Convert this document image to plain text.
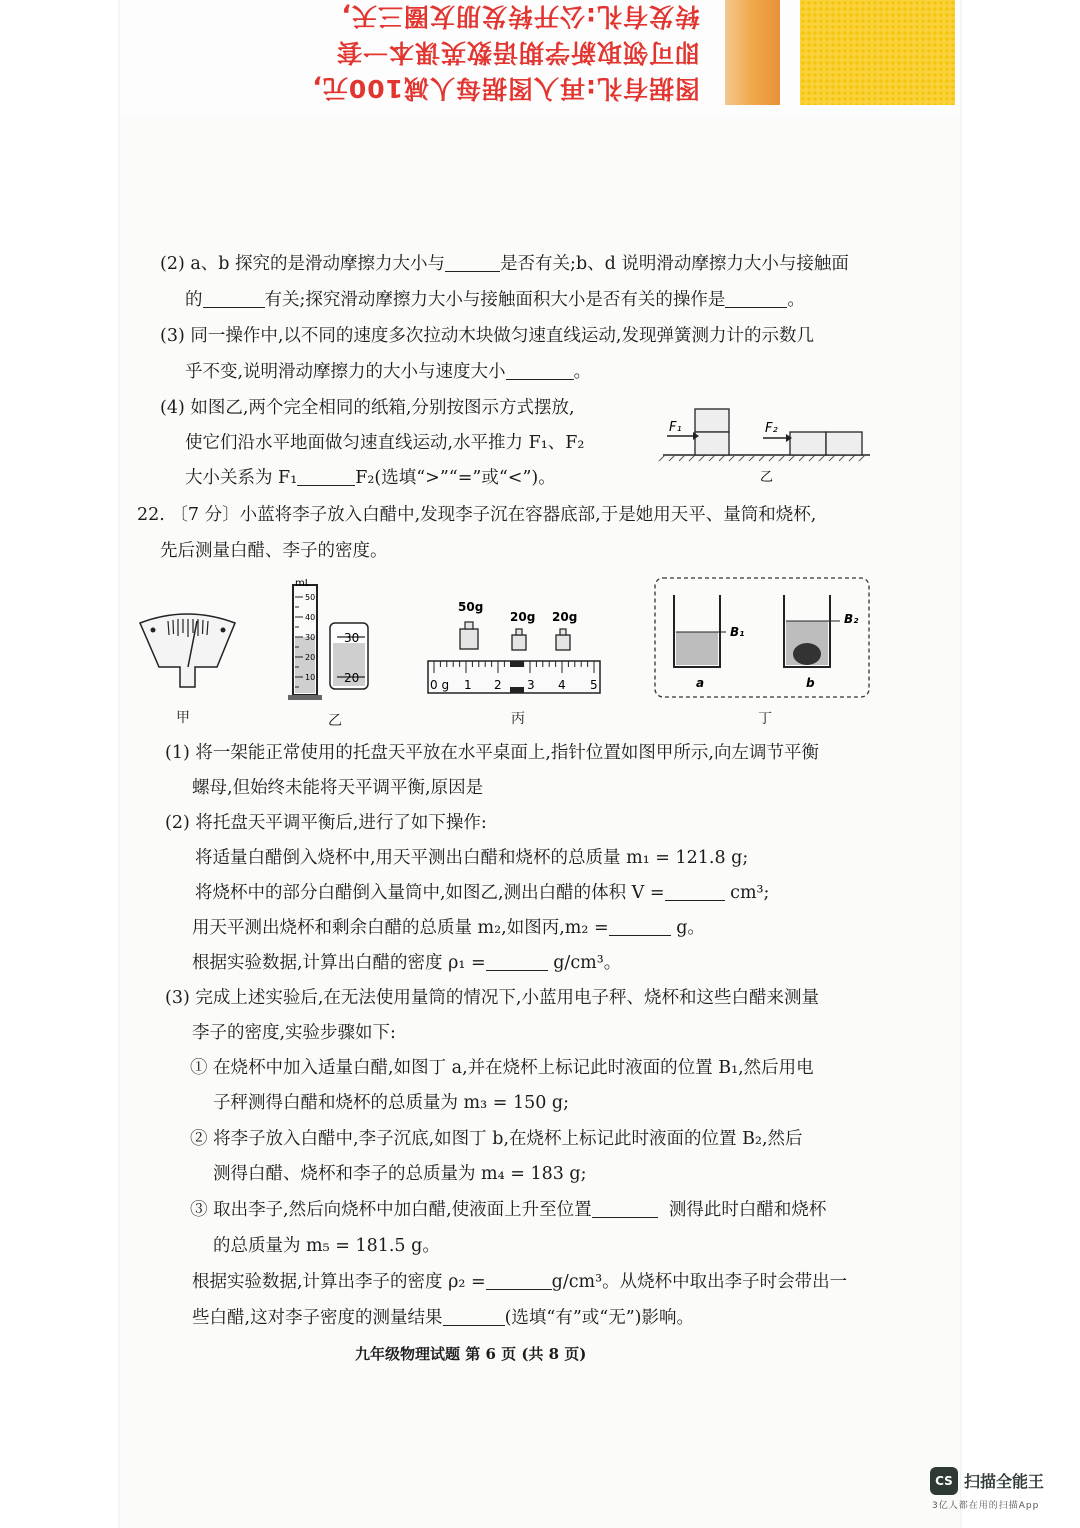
图据有礼:再入图据每人减100元,
即可领取新学期语数英课本一套
转发有礼:公开转发朋友圈三天,
(2) a、b 探究的是滑动摩擦力大小与	是否有关;b、d 说明滑动摩擦力大小与接触面
的	有关;探究滑动摩擦力大小与接触面积大小是否有关的操作是	。
(3) 同一操作中,以不同的速度多次拉动木块做匀速直线运动,发现弹簧测力计的示数几
乎不变,说明滑动摩擦力的大小与速度大小	。
(4) 如图乙,两个完全相同的纸箱,分别按图示方式摆放,
使它们沿水平地面做匀速直线运动,水平推力 F₁、F₂
大小关系为 F₁	F₂(选填“>”“=”或“<”)。
F₁	F₂
乙
22. 〔7 分〕小蓝将李子放入白醋中,发现李子沉在容器底部,于是她用天平、量筒和烧杯,
先后测量白醋、李子的密度。
mL
50
40
30
20
10
30
20
50g
20g 20g
0 g 1 2 3 4 5
B₁
a
B₂
b
甲	乙	丙	丁
(1) 将一架能正常使用的托盘天平放在水平桌面上,指针位置如图甲所示,向左调节平衡
螺母,但始终未能将天平调平衡,原因是
(2) 将托盘天平调平衡后,进行了如下操作:
将适量白醋倒入烧杯中,用天平测出白醋和烧杯的总质量 m₁ = 121.8 g;
将烧杯中的部分白醋倒入量筒中,如图乙,测出白醋的体积 V =	cm³;
用天平测出烧杯和剩余白醋的总质量 m₂,如图丙,m₂ =	g。
根据实验数据,计算出白醋的密度 ρ₁ =	g/cm³。
(3) 完成上述实验后,在无法使用量筒的情况下,小蓝用电子秤、烧杯和这些白醋来测量
李子的密度,实验步骤如下:
① 在烧杯中加入适量白醋,如图丁 a,并在烧杯上标记此时液面的位置 B₁,然后用电
子秤测得白醋和烧杯的总质量为 m₃ = 150 g;
② 将李子放入白醋中,李子沉底,如图丁 b,在烧杯上标记此时液面的位置 B₂,然后
测得白醋、烧杯和李子的总质量为 m₄ = 183 g;
③ 取出李子,然后向烧杯中加白醋,使液面上升至位置	测得此时白醋和烧杯
的总质量为 m₅ = 181.5 g。
根据实验数据,计算出李子的密度 ρ₂ =	g/cm³。从烧杯中取出李子时会带出一
些白醋,这对李子密度的测量结果	(选填“有”或“无”)影响。
九年级物理试题 第 6 页 (共 8 页)
CS 扫描全能王
3亿人都在用的扫描App
